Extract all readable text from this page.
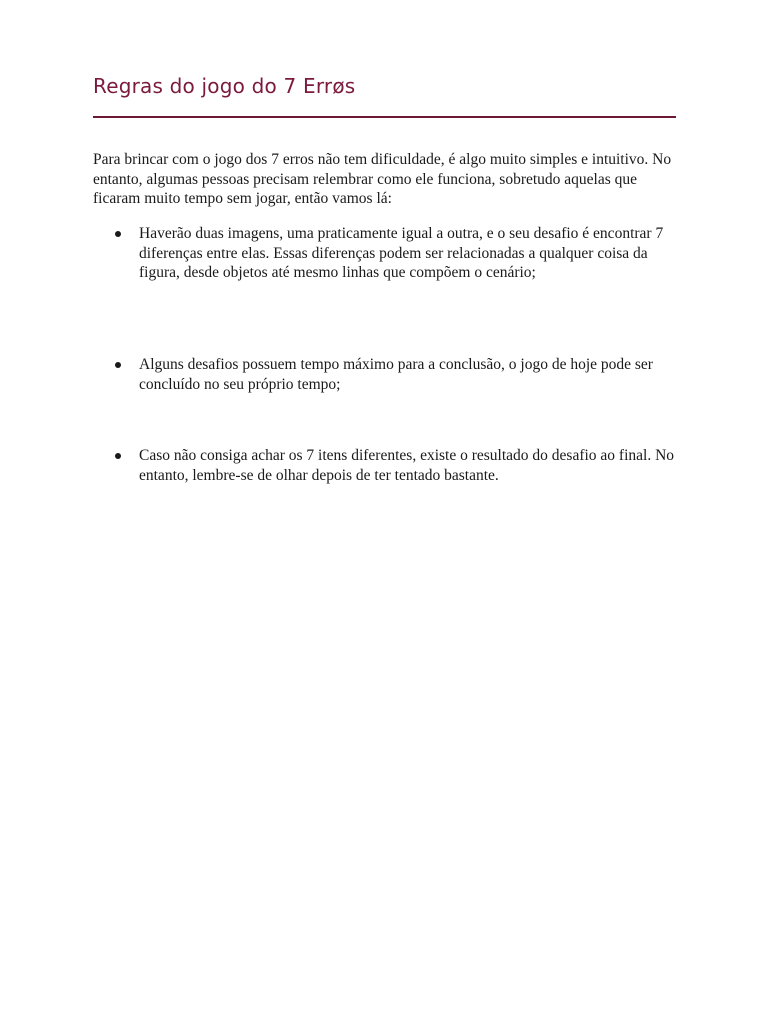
Regras do jogo do 7 Errøs

Para brincar com o jogo dos 7 erros não tem dificuldade, é algo muito simples e intuitivo. No entanto, algumas pessoas precisam relembrar como ele funciona, sobretudo aquelas que ficaram muito tempo sem jogar, então vamos lá:

Haverão duas imagens, uma praticamente igual a outra, e o seu desafio é encontrar 7 diferenças entre elas. Essas diferenças podem ser relacionadas a qualquer coisa da figura, desde objetos até mesmo linhas que compõem o cenário;

Alguns desafios possuem tempo máximo para a conclusão, o jogo de hoje pode ser concluído no seu próprio tempo;

Caso não consiga achar os 7 itens diferentes, existe o resultado do desafio ao final. No entanto, lembre-se de olhar depois de ter tentado bastante.
